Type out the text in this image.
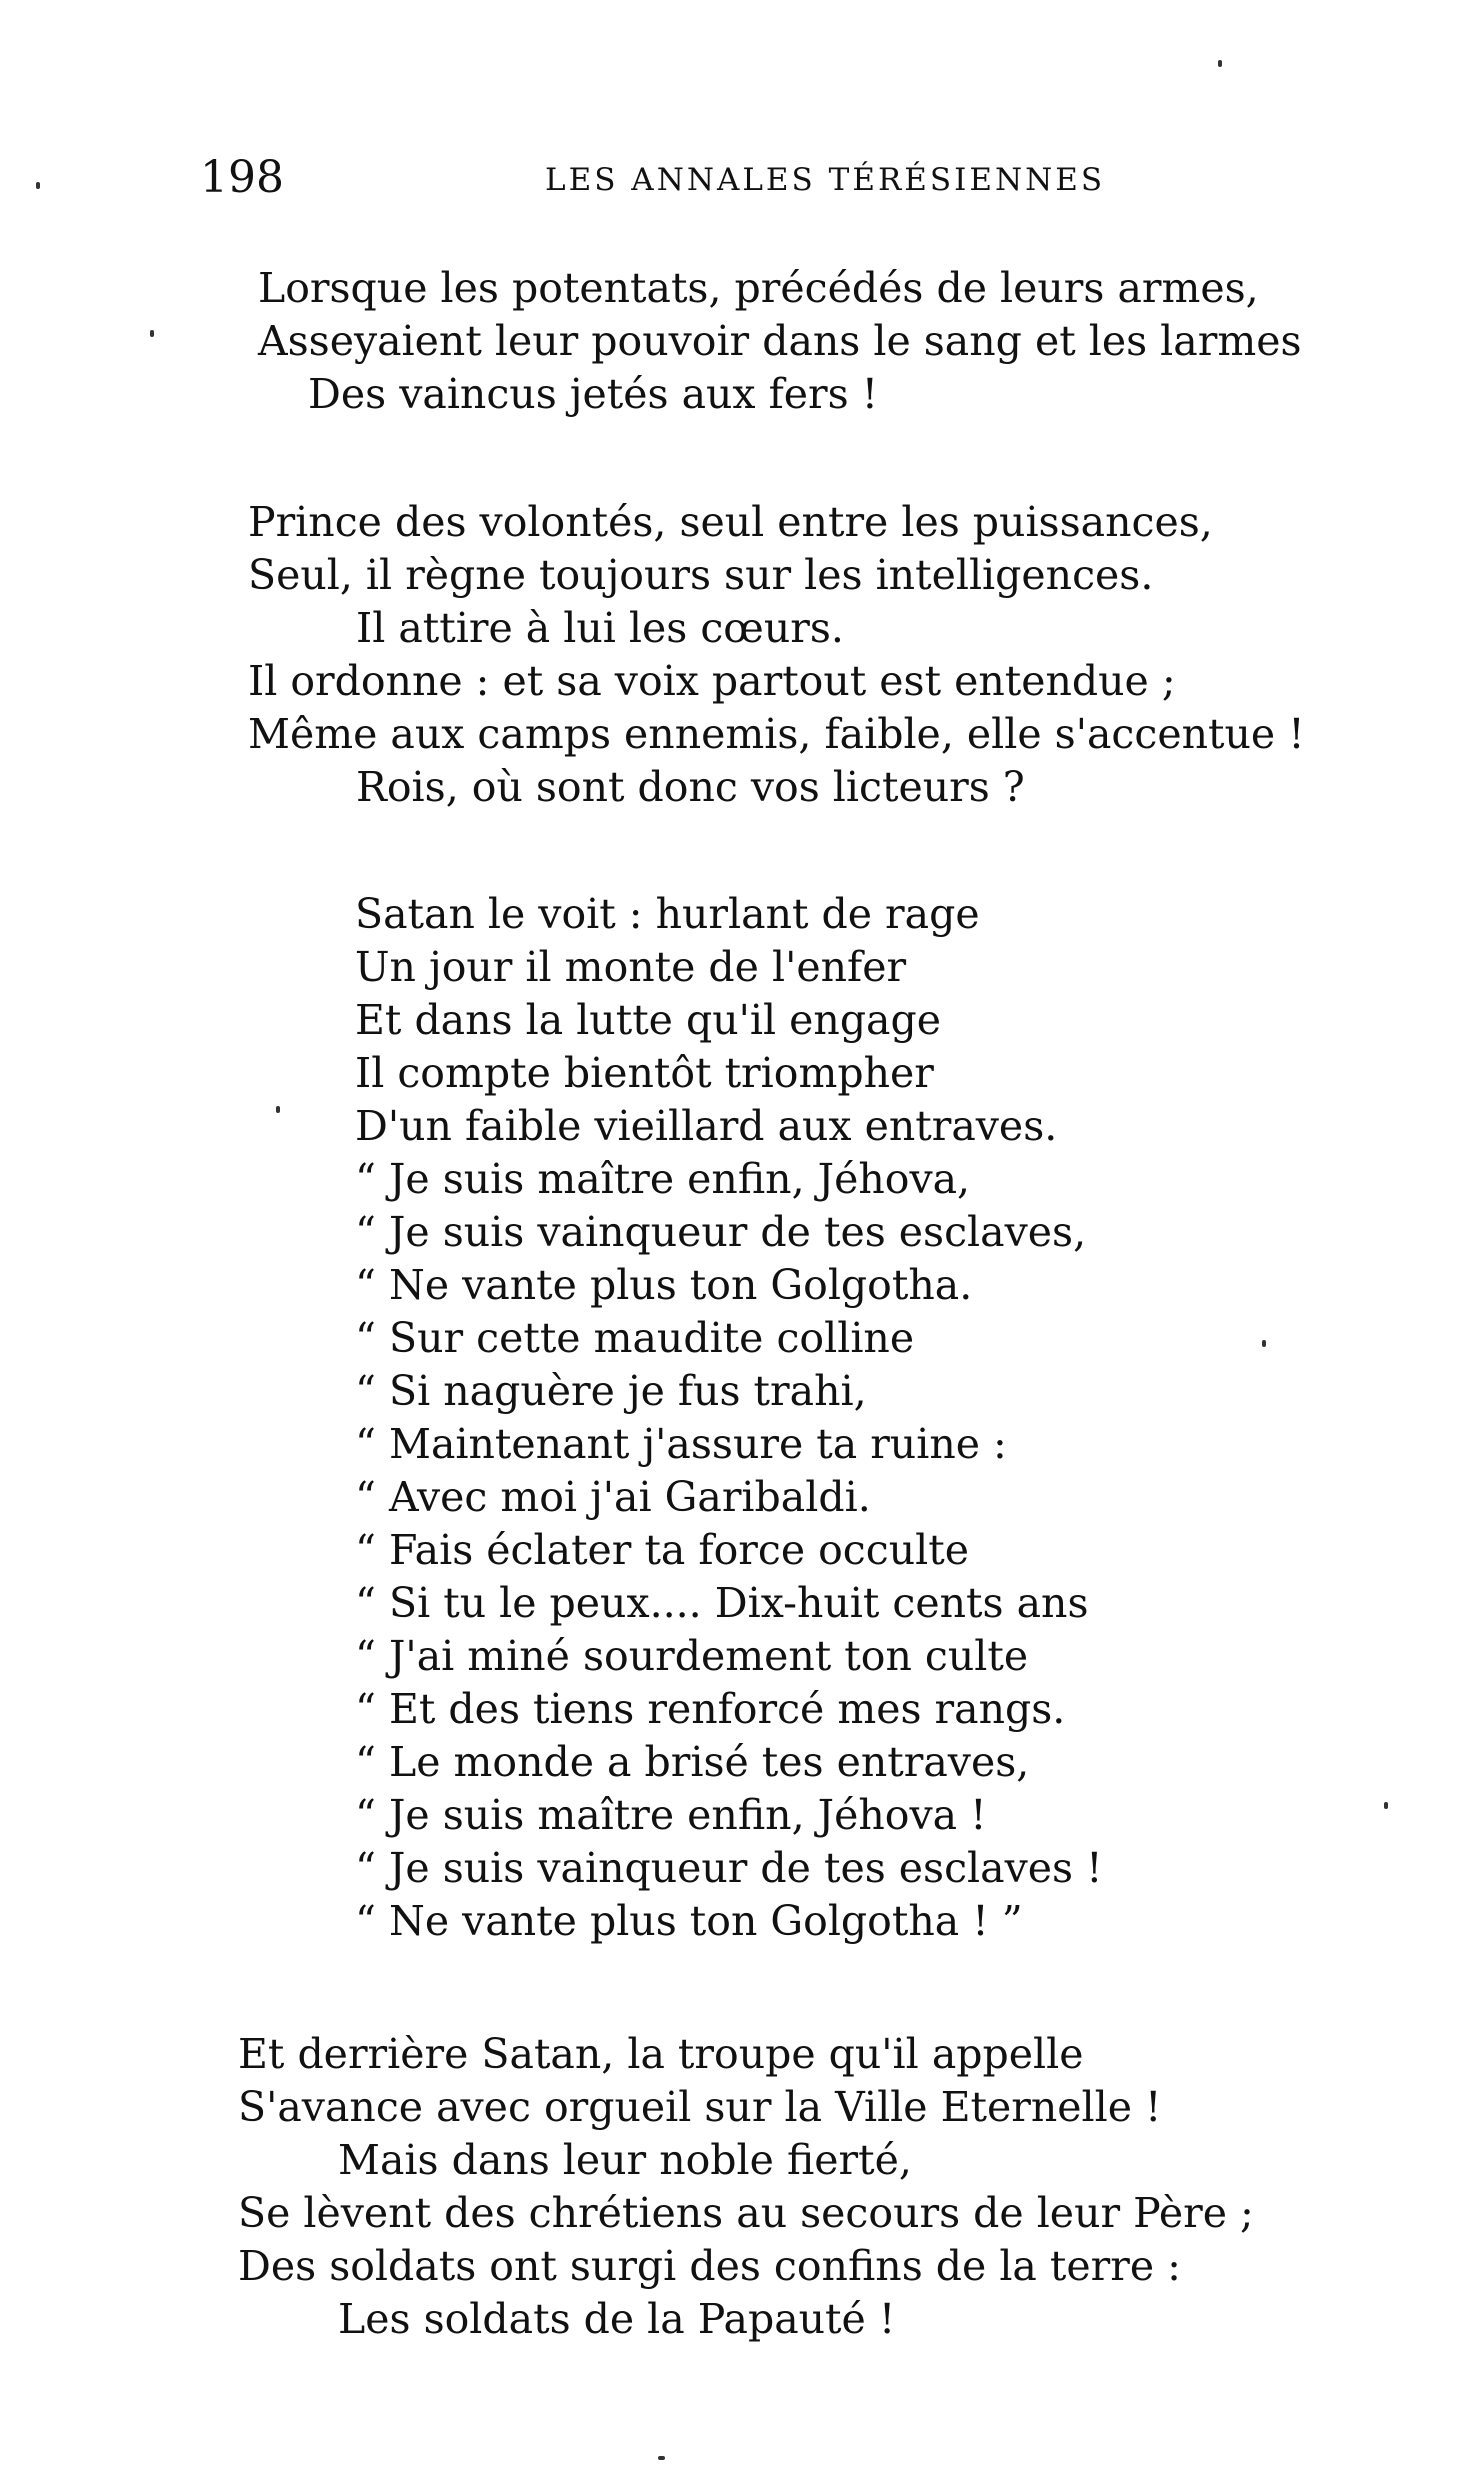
198	LES ANNALES TÉRÉSIENNES
Lorsque les potentats, précédés de leurs armes,
Asseyaient leur pouvoir dans le sang et les larmes
Des vaincus jetés aux fers !
Prince des volontés, seul entre les puissances,
Seul, il règne toujours sur les intelligences.
Il attire à lui les cœurs.
Il ordonne : et sa voix partout est entendue ;
Même aux camps ennemis, faible, elle s'accentue !
Rois, où sont donc vos licteurs ?
Satan le voit : hurlant de rage
Un jour il monte de l'enfer
Et dans la lutte qu'il engage
Il compte bientôt triompher
D'un faible vieillard aux entraves.
“ Je suis maître enfin, Jéhova,
“ Je suis vainqueur de tes esclaves,
“ Ne vante plus ton Golgotha.
“ Sur cette maudite colline
“ Si naguère je fus trahi,
“ Maintenant j'assure ta ruine :
“ Avec moi j'ai Garibaldi.
“ Fais éclater ta force occulte
“ Si tu le peux.... Dix-huit cents ans
“ J'ai miné sourdement ton culte
“ Et des tiens renforcé mes rangs.
“ Le monde a brisé tes entraves,
“ Je suis maître enfin, Jéhova !
“ Je suis vainqueur de tes esclaves !
“ Ne vante plus ton Golgotha ! ”
Et derrière Satan, la troupe qu'il appelle
S'avance avec orgueil sur la Ville Eternelle !
Mais dans leur noble fierté,
Se lèvent des chrétiens au secours de leur Père ;
Des soldats ont surgi des confins de la terre :
Les soldats de la Papauté !
